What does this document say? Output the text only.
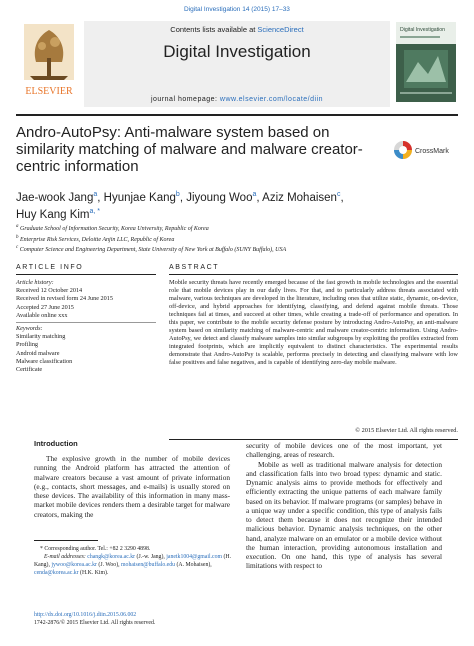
Digital Investigation 14 (2015) 17–33
ELSEVIER
Contents lists available at ScienceDirect
Digital Investigation
journal homepage: www.elsevier.com/locate/diin
Digital Investigation
Andro-AutoPsy: Anti-malware system based on similarity matching of malware and malware creator-centric information
CrossMark
Jae-wook Jang$^a$, Hyunjae Kang$^b$, Jiyoung Woo$^a$, Aziz Mohaisen$^c$,
Huy Kang Kim$^{a, *}$
$^a$ Graduate School of Information Security, Korea University, Republic of Korea
$^b$ Enterprise Risk Services, Deloitte Anjin LLC, Republic of Korea
$^c$ Computer Science and Engineering Department, State University of New York at Buffalo (SUNY Buffalo), USA
ARTICLE INFO	ABSTRACT
Article history:
Received 12 October 2014
Received in revised form 24 June 2015
Accepted 27 June 2015
Available online xxx
Keywords:
Similarity matching
Profiling
Android malware
Malware classification
Certificate
Mobile security threats have recently emerged because of the fast growth in mobile technologies and the essential role that mobile devices play in our daily lives. For that, and to particularly address threats associated with malware, various techniques are developed in the literature, including ones that utilize static, dynamic, on-device, off-device, and hybrid approaches for identifying, classifying, and defend against mobile threats. Those techniques fail at times, and succeed at other times, while creating a trade-off of performance and operation. In this paper, we contribute to the mobile security defense posture by introducing Andro-AutoPsy, an anti-malware system based on similarity matching of malware-centric and malware creator-centric information. Using Andro-AutoPsy, we detect and classify malware samples into similar subgroups by exploiting the profiles extracted from integrated footprints, which are implicitly equivalent to distinct characteristics. The experimental results demonstrate that Andro-AutoPsy is scalable, performs precisely in detecting and classifying malware with low false positives and false negatives, and is capable of identifying zero-day mobile malware.
© 2015 Elsevier Ltd. All rights reserved.
Introduction

The explosive growth in the number of mobile devices running the Android platform has attracted the attention of malware creators because a vast amount of private information (e.g., contacts, short messages, and e-mails) is usually stored on these devices. The availability of this information in many mass-market mobile devices renders them a desirable target for malware creators, making the

security of mobile devices one of the most important, yet challenging, areas of research.

Mobile as well as traditional malware analysis for detection and classification falls into two broad types: dynamic and static. Dynamic analysis aims to provide methods for effectively and efficiently extracting the unique patterns of each malware family based on its behavior. If malware programs (or samples) behave in a unique way under a specific condition, this type of analysis fails to detect them because it does not recognize their intended malicious behavior. Dynamic analysis techniques, on the other hand, analyze malware on an emulator or a mobile device without the human interaction, providing autonomous installation and execution. On one hand, this type of analysis has several limitations with respect to

* Corresponding author. Tel.: +82 2 3290 4898.
E-mail addresses: changk@korea.ac.kr (J.-w. Jang), janetk1004@gmail.com (H. Kang), jywoo@korea.ac.kr (J. Woo), mohaisen@buffalo.edu (A. Mohaisen), cenda@korea.ac.kr (H.K. Kim).
http://dx.doi.org/10.1016/j.diin.2015.06.002
1742-2876/© 2015 Elsevier Ltd. All rights reserved.
